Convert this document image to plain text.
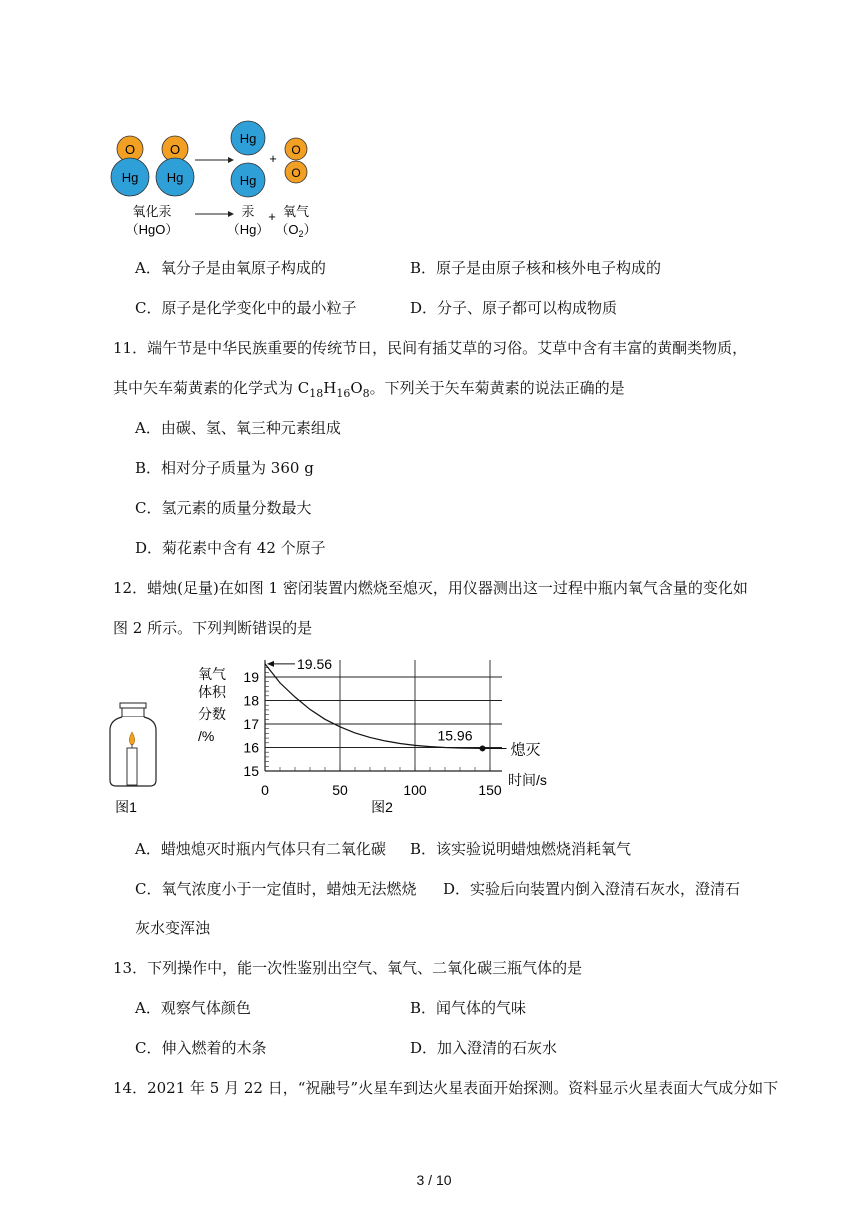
O
Hg
O
Hg
Hg
Hg
+
O
O
氧化汞
（HgO）
汞
（Hg）
+ 氧气
$(O_2)$
A．氧分子是由氧原子构成的	B．原子是由原子核和核外电子构成的
C．原子是化学变化中的最小粒子	D．分子、原子都可以构成物质
11．端午节是中华民族重要的传统节日，民间有插艾草的习俗。艾草中含有丰富的黄酮类物质，
其中矢车菊黄素的化学式为 $C_{18}H_{16}O_8$。下列关于矢车菊黄素的说法正确的是
A．由碳、氢、氧三种元素组成
B．相对分子质量为 360 g
C．氢元素的质量分数最大
D．菊花素中含有 42 个原子
12．蜡烛(足量)在如图 1 密闭装置内燃烧至熄灭，用仪器测出这一过程中瓶内氧气含量的变化如
图 2 所示。下列判断错误的是
图1
氧气
体积
分数
/%
图2
15
16
17
18
19
0	50	100	150
时间/s
19.56
15.96
熄灭
A．蜡烛熄灭时瓶内气体只有二氧化碳 B．该实验说明蜡烛燃烧消耗氧气
C．氧气浓度小于一定值时，蜡烛无法燃烧 D．实验后向装置内倒入澄清石灰水，澄清石
灰水变浑浊
13．下列操作中，能一次性鉴别出空气、氧气、二氧化碳三瓶气体的是
A．观察气体颜色	B．闻气体的气味
C．伸入燃着的木条	D．加入澄清的石灰水
14．2021 年 5 月 22 日，“祝融号”火星车到达火星表面开始探测。资料显示火星表面大气成分如下
3 / 10
